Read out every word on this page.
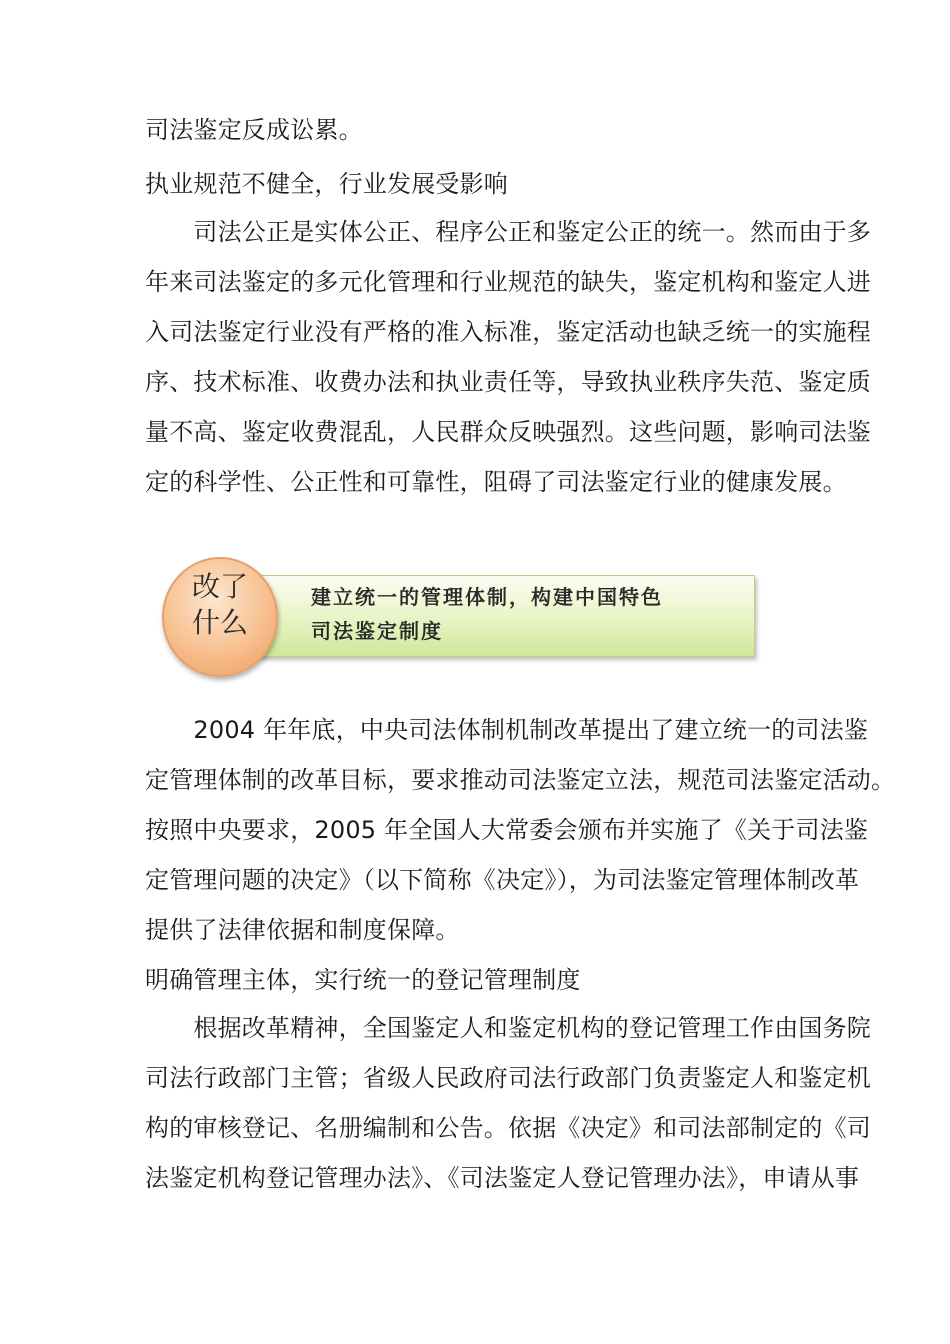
司法鉴定反成讼累。
执业规范不健全，行业发展受影响
　　司法公正是实体公正、程序公正和鉴定公正的统一。然而由于多
年来司法鉴定的多元化管理和行业规范的缺失，鉴定机构和鉴定人进
入司法鉴定行业没有严格的准入标准，鉴定活动也缺乏统一的实施程
序、技术标准、收费办法和执业责任等，导致执业秩序失范、鉴定质
量不高、鉴定收费混乱，人民群众反映强烈。这些问题，影响司法鉴
定的科学性、公正性和可靠性，阻碍了司法鉴定行业的健康发展。
建立统一的管理体制，构建中国特色
司法鉴定制度
改了
什么
　　2004 年年底，中央司法体制机制改革提出了建立统一的司法鉴
定管理体制的改革目标，要求推动司法鉴定立法，规范司法鉴定活动。
按照中央要求，2005 年全国人大常委会颁布并实施了《关于司法鉴
定管理问题的决定》（以下简称《决定》），为司法鉴定管理体制改革
提供了法律依据和制度保障。
明确管理主体，实行统一的登记管理制度
　　根据改革精神，全国鉴定人和鉴定机构的登记管理工作由国务院
司法行政部门主管；省级人民政府司法行政部门负责鉴定人和鉴定机
构的审核登记、名册编制和公告。依据《决定》和司法部制定的《司
法鉴定机构登记管理办法》、《司法鉴定人登记管理办法》，申请从事
